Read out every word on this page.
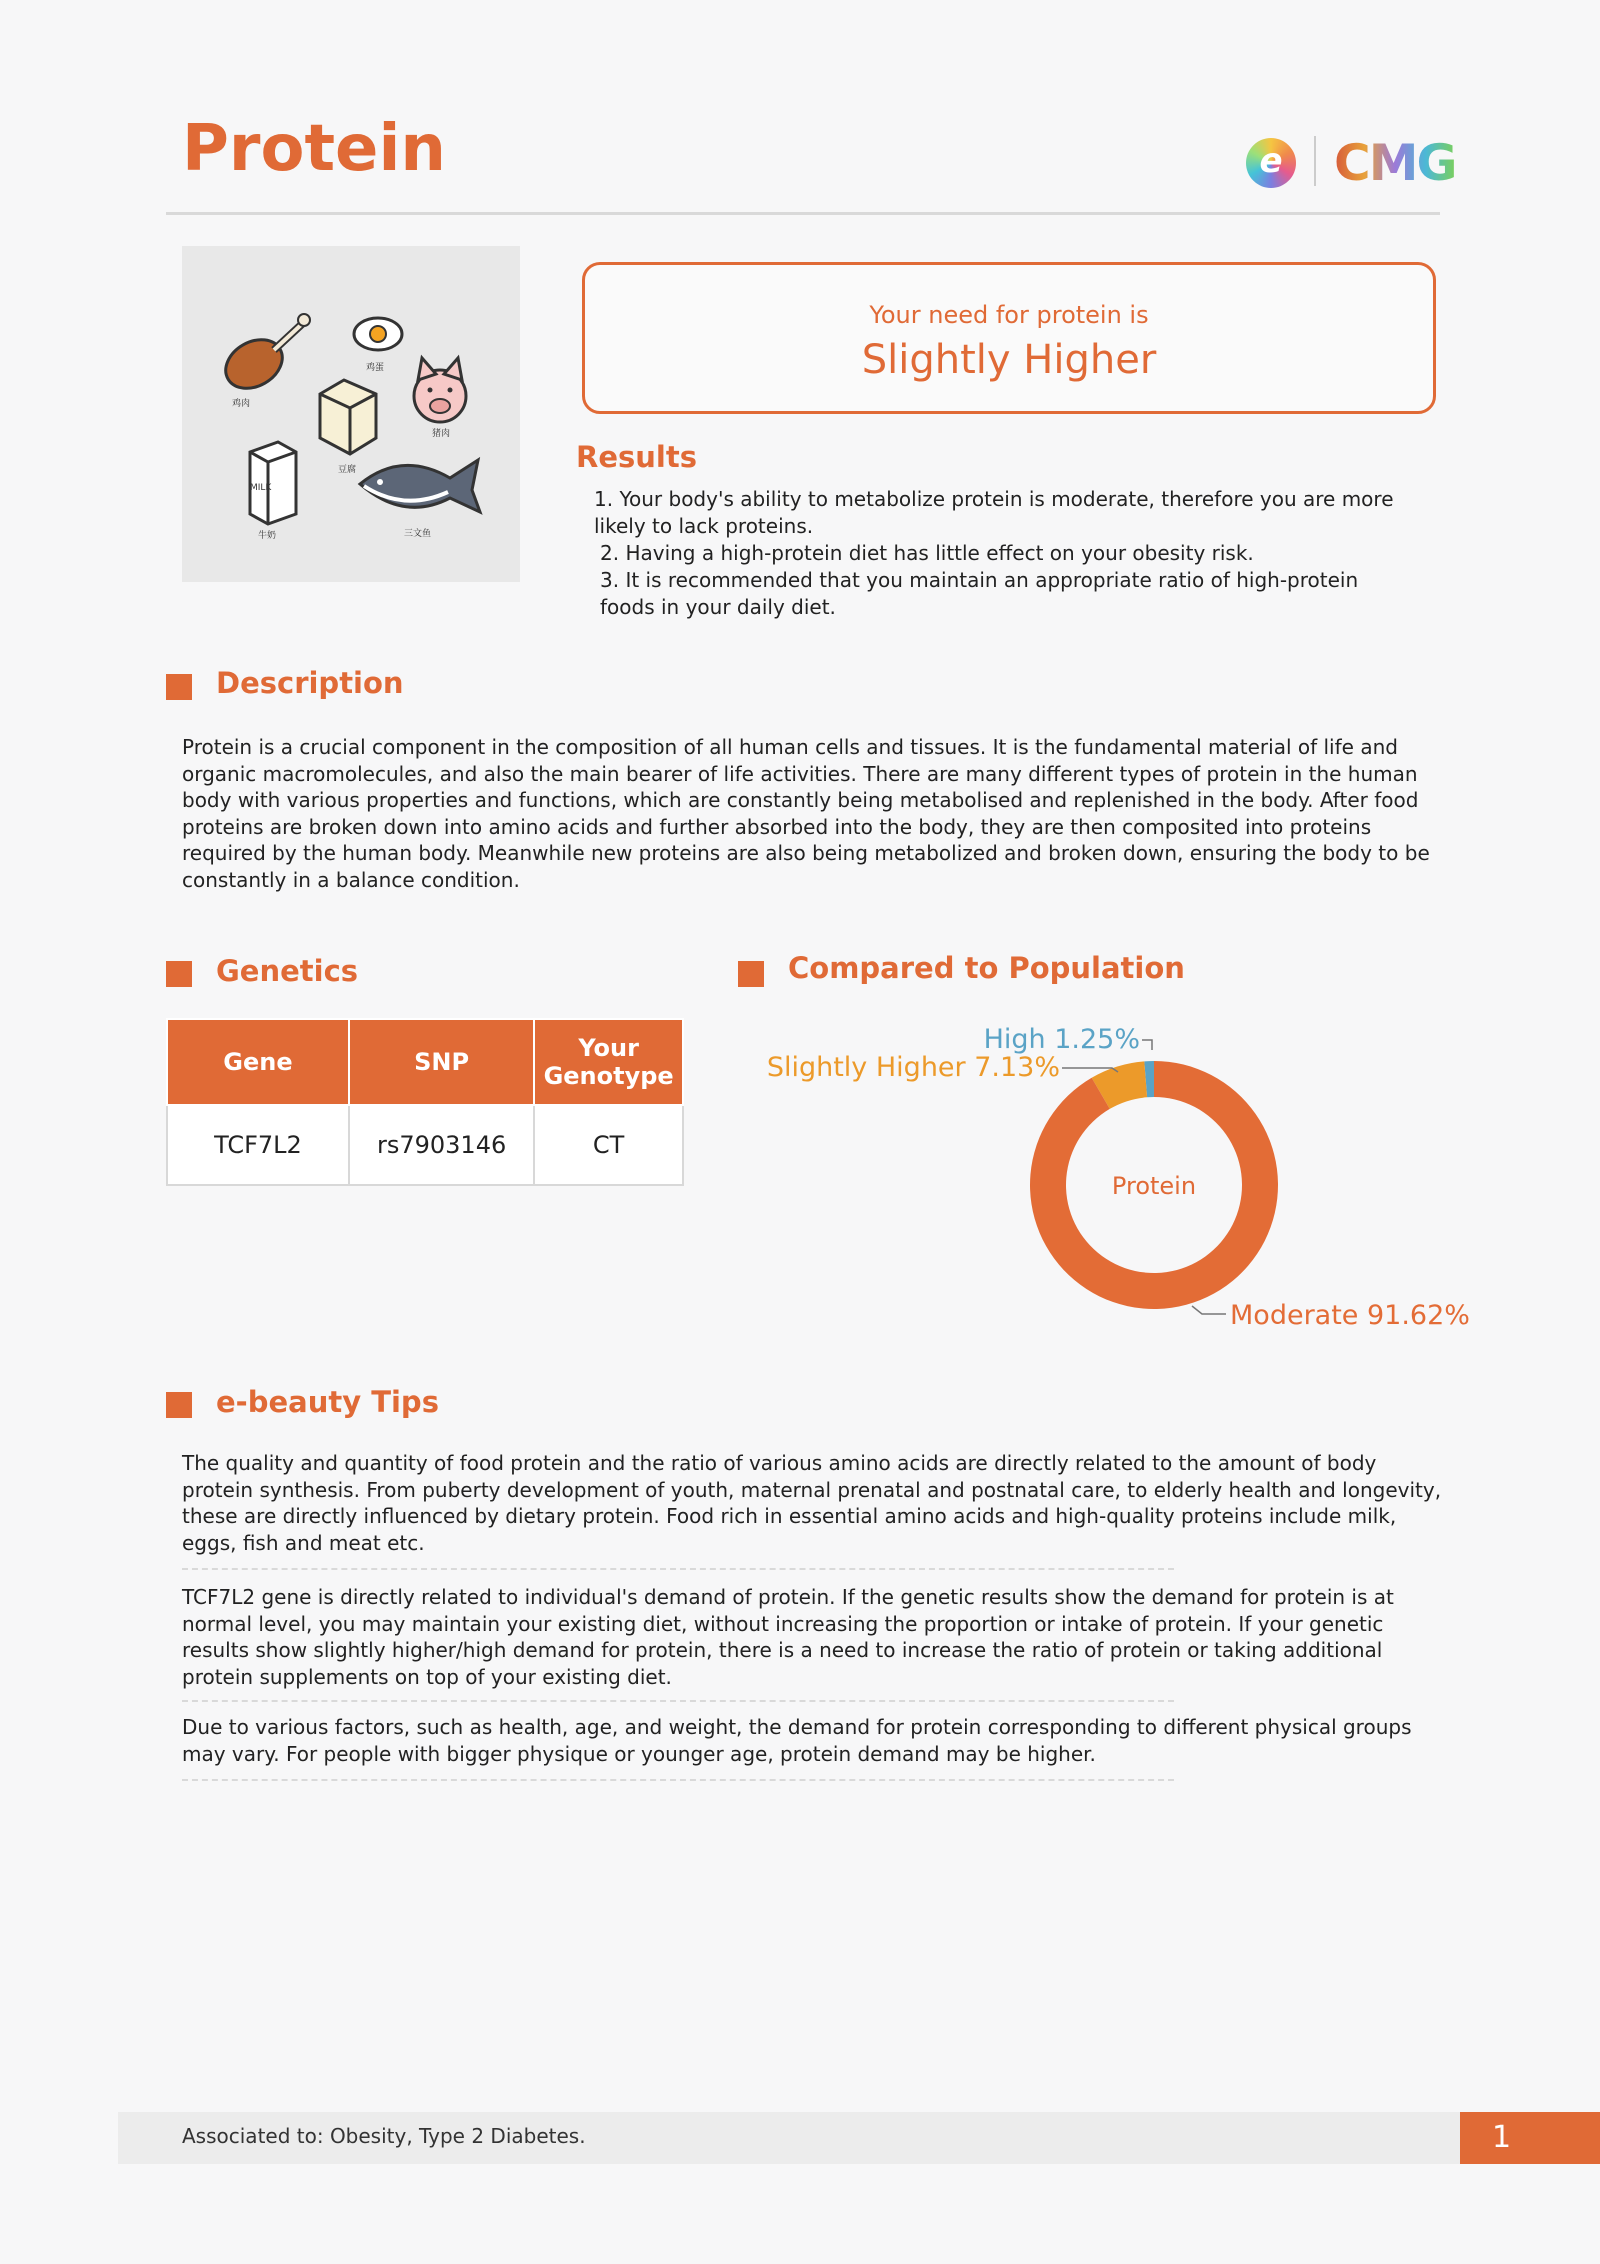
Protein	e CMG
鸡肉
鸡蛋
豆腐
猪肉
MILK
牛奶	三文鱼
Your need for protein is
Slightly Higher
Results
1. Your body's ability to metabolize protein is moderate, therefore you are more likely to lack proteins.
2. Having a high-protein diet has little effect on your obesity risk.
3. It is recommended that you maintain an appropriate ratio of high-protein foods in your daily diet.
Description
Protein is a crucial component in the composition of all human cells and tissues. It is the fundamental material of life and organic macromolecules, and also the main bearer of life activities. There are many different types of protein in the human body with various properties and functions, which are constantly being metabolised and replenished in the body. After food proteins are broken down into amino acids and further absorbed into the body, they are then composited into proteins required by the human body. Meanwhile new proteins are also being metabolized and broken down, ensuring the body to be constantly in a balance condition.
Genetics
Gene	SNP	Your Genotype
TCF7L2	rs7903146	CT
Compared to Population
Protein
High 1.25%
Slightly Higher 7.13%
Moderate 91.62%
e-beauty Tips
The quality and quantity of food protein and the ratio of various amino acids are directly related to the amount of body protein synthesis. From puberty development of youth, maternal prenatal and postnatal care, to elderly health and longevity, these are directly influenced by dietary protein. Food rich in essential amino acids and high-quality proteins include milk, eggs, fish and meat etc.
TCF7L2 gene is directly related to individual's demand of protein. If the genetic results show the demand for protein is at normal level, you may maintain your existing diet, without increasing the proportion or intake of protein. If your genetic results show slightly higher/high demand for protein, there is a need to increase the ratio of protein or taking additional protein supplements on top of your existing diet.
Due to various factors, such as health, age, and weight, the demand for protein corresponding to different physical groups may vary. For people with bigger physique or younger age, protein demand may be higher.
Associated to: Obesity, Type 2 Diabetes.	1
